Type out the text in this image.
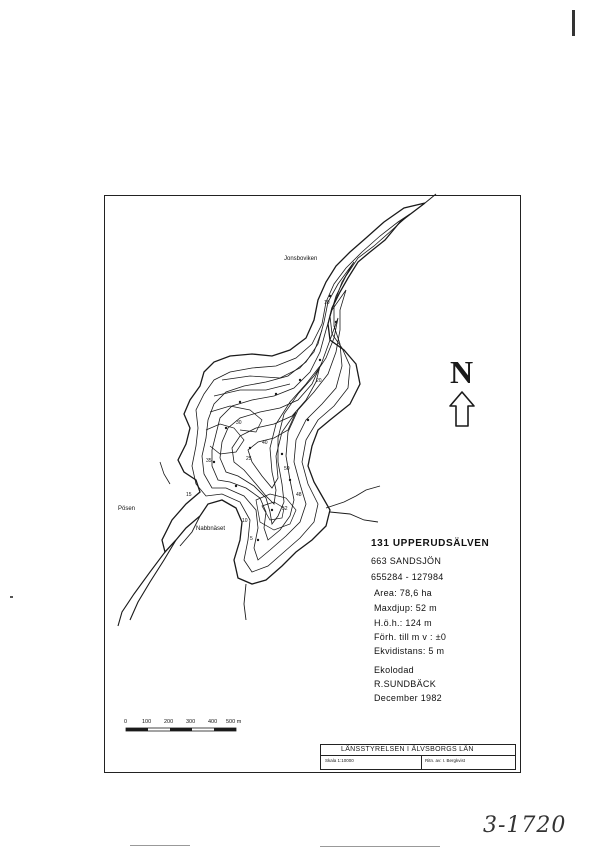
Jonsboviken
Pösen
Nabbnäset
10
20
30
40
50
48
35	25
15
5
52
10
N
131 UPPERUDSÄLVEN
663 SANDSJÖN
655284 - 127984
Area: 78,6 ha
Maxdjup: 52 m
H.ö.h.: 124 m
Förh. till m v : ±0
Ekvidistans: 5 m
Ekolodad
R.SUNDBÄCK
December 1982
0	100 200 300 400 500 m
LÄNSSTYRELSEN I ÄLVSBORGS LÄN
Skala 1:10000	Ritn. av: I. Bergkvist
3-1720
